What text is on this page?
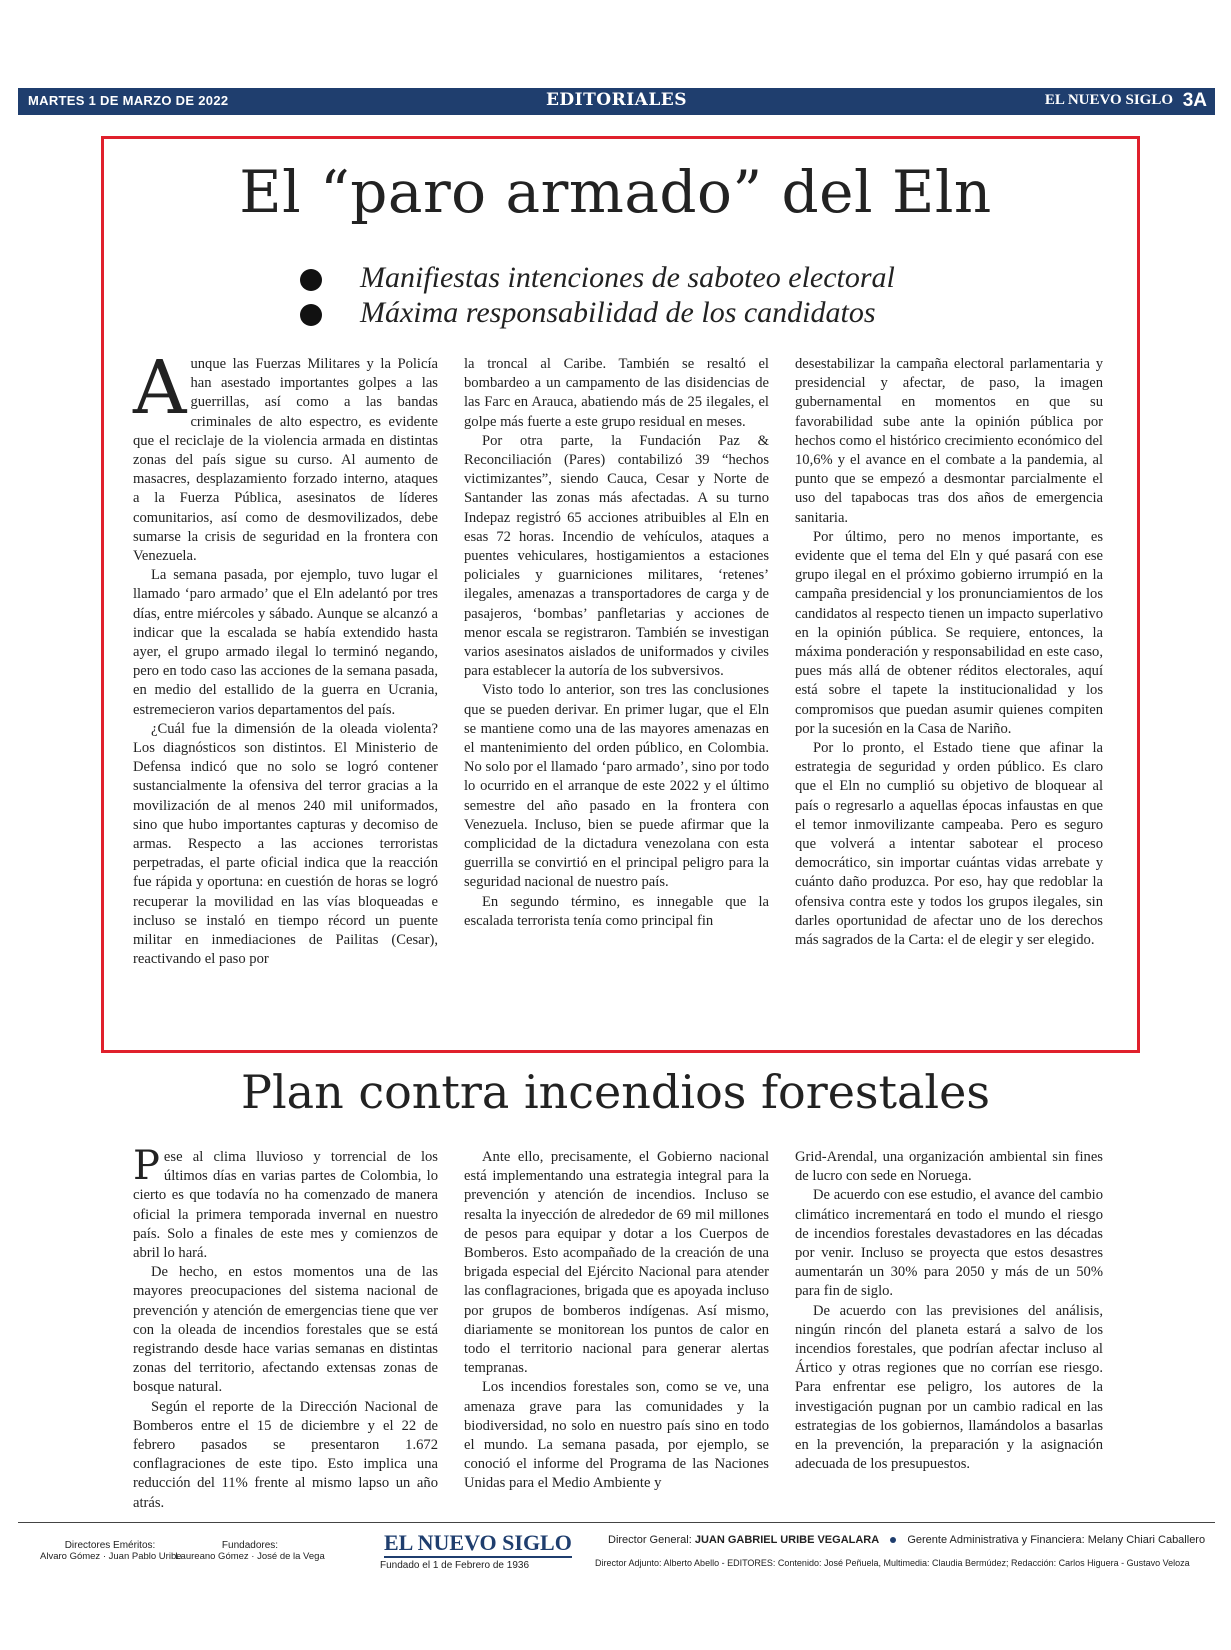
MARTES 1 DE MARZO DE 2022	EDITORIALES	EL NUEVO SIGLO 3A
El “paro armado” del Eln
Manifiestas intenciones de saboteo electoral
Máxima responsabilidad de los candidatos

Aunque las Fuerzas Militares y la Policía han asestado importantes golpes a las guerrillas, así como a las bandas criminales de alto espectro, es evidente que el reciclaje de la violencia armada en distintas zonas del país sigue su curso. Al aumento de masacres, desplazamiento forzado interno, ataques a la Fuerza Pública, asesinatos de líderes comunitarios, así como de desmovilizados, debe sumarse la crisis de seguridad en la frontera con Venezuela.

La semana pasada, por ejemplo, tuvo lugar el llamado ‘paro armado’ que el Eln adelantó por tres días, entre miércoles y sábado. Aunque se alcanzó a indicar que la escalada se había extendido hasta ayer, el grupo armado ilegal lo terminó negando, pero en todo caso las acciones de la semana pasada, en medio del estallido de la guerra en Ucrania, estremecieron varios departamentos del país.

¿Cuál fue la dimensión de la oleada violenta? Los diagnósticos son distintos. El Ministerio de Defensa indicó que no solo se logró contener sustancialmente la ofensiva del terror gracias a la movilización de al menos 240 mil uniformados, sino que hubo importantes capturas y decomiso de armas. Respecto a las acciones terroristas perpetradas, el parte oficial indica que la reacción fue rápida y oportuna: en cuestión de horas se logró recuperar la movilidad en las vías bloqueadas e incluso se instaló en tiempo récord un puente militar en inmediaciones de Pailitas (Cesar), reactivando el paso por

la troncal al Caribe. También se resaltó el bombardeo a un campamento de las disidencias de las Farc en Arauca, abatiendo más de 25 ilegales, el golpe más fuerte a este grupo residual en meses.

Por otra parte, la Fundación Paz & Reconciliación (Pares) contabilizó 39 “hechos victimizantes”, siendo Cauca, Cesar y Norte de Santander las zonas más afectadas. A su turno Indepaz registró 65 acciones atribuibles al Eln en esas 72 horas. Incendio de vehículos, ataques a puentes vehiculares, hostigamientos a estaciones policiales y guarniciones militares, ‘retenes’ ilegales, amenazas a transportadores de carga y de pasajeros, ‘bombas’ panfletarias y acciones de menor escala se registraron. También se investigan varios asesinatos aislados de uniformados y civiles para establecer la autoría de los subversivos.

Visto todo lo anterior, son tres las conclusiones que se pueden derivar. En primer lugar, que el Eln se mantiene como una de las mayores amenazas en el mantenimiento del orden público, en Colombia. No solo por el llamado ‘paro armado’, sino por todo lo ocurrido en el arranque de este 2022 y el último semestre del año pasado en la frontera con Venezuela. Incluso, bien se puede afirmar que la complicidad de la dictadura venezolana con esta guerrilla se convirtió en el principal peligro para la seguridad nacional de nuestro país.

En segundo término, es innegable que la escalada terrorista tenía como principal fin

desestabilizar la campaña electoral parlamentaria y presidencial y afectar, de paso, la imagen gubernamental en momentos en que su favorabilidad sube ante la opinión pública por hechos como el histórico crecimiento económico del 10,6% y el avance en el combate a la pandemia, al punto que se empezó a desmontar parcialmente el uso del tapabocas tras dos años de emergencia sanitaria.

Por último, pero no menos importante, es evidente que el tema del Eln y qué pasará con ese grupo ilegal en el próximo gobierno irrumpió en la campaña presidencial y los pronunciamientos de los candidatos al respecto tienen un impacto superlativo en la opinión pública. Se requiere, entonces, la máxima ponderación y responsabilidad en este caso, pues más allá de obtener réditos electorales, aquí está sobre el tapete la institucionalidad y los compromisos que puedan asumir quienes compiten por la sucesión en la Casa de Nariño.

Por lo pronto, el Estado tiene que afinar la estrategia de seguridad y orden público. Es claro que el Eln no cumplió su objetivo de bloquear al país o regresarlo a aquellas épocas infaustas en que el temor inmovilizante campeaba. Pero es seguro que volverá a intentar sabotear el proceso democrático, sin importar cuántas vidas arrebate y cuánto daño produzca. Por eso, hay que redoblar la ofensiva contra este y todos los grupos ilegales, sin darles oportunidad de afectar uno de los derechos más sagrados de la Carta: el de elegir y ser elegido.

Plan contra incendios forestales

Pese al clima lluvioso y torrencial de los últimos días en varias partes de Colombia, lo cierto es que todavía no ha comenzado de manera oficial la primera temporada invernal en nuestro país. Solo a finales de este mes y comienzos de abril lo hará.

De hecho, en estos momentos una de las mayores preocupaciones del sistema nacional de prevención y atención de emergencias tiene que ver con la oleada de incendios forestales que se está registrando desde hace varias semanas en distintas zonas del territorio, afectando extensas zonas de bosque natural.

Según el reporte de la Dirección Nacional de Bomberos entre el 15 de diciembre y el 22 de febrero pasados se presentaron 1.672 conflagraciones de este tipo. Esto implica una reducción del 11% frente al mismo lapso un año atrás.

Ante ello, precisamente, el Gobierno nacional está implementando una estrategia integral para la prevención y atención de incendios. Incluso se resalta la inyección de alrededor de 69 mil millones de pesos para equipar y dotar a los Cuerpos de Bomberos. Esto acompañado de la creación de una brigada especial del Ejército Nacional para atender las conflagraciones, brigada que es apoyada incluso por grupos de bomberos indígenas. Así mismo, diariamente se monitorean los puntos de calor en todo el territorio nacional para generar alertas tempranas.

Los incendios forestales son, como se ve, una amenaza grave para las comunidades y la biodiversidad, no solo en nuestro país sino en todo el mundo. La semana pasada, por ejemplo, se conoció el informe del Programa de las Naciones Unidas para el Medio Ambiente y

Grid-Arendal, una organización ambiental sin fines de lucro con sede en Noruega.

De acuerdo con ese estudio, el avance del cambio climático incrementará en todo el mundo el riesgo de incendios forestales devastadores en las décadas por venir. Incluso se proyecta que estos desastres aumentarán un 30% para 2050 y más de un 50% para fin de siglo.

De acuerdo con las previsiones del análisis, ningún rincón del planeta estará a salvo de los incendios forestales, que podrían afectar incluso al Ártico y otras regiones que no corrían ese riesgo. Para enfrentar ese peligro, los autores de la investigación pugnan por un cambio radical en las estrategias de los gobiernos, llamándolos a basarlas en la prevención, la preparación y la asignación adecuada de los presupuestos.

Directores Eméritos:
Alvaro Gómez · Juan Pablo Uribe
Fundadores:
Laureano Gómez · José de la Vega
EL NUEVO SIGLO
Fundado el 1 de Febrero de 1936
Director General: JUAN GABRIEL URIBE VEGALARA	Gerente Administrativa y Financiera: Melany Chiari Caballero
Director Adjunto: Alberto Abello - EDITORES: Contenido: José Peñuela, Multimedia: Claudia Bermúdez; Redacción: Carlos Higuera - Gustavo Veloza
